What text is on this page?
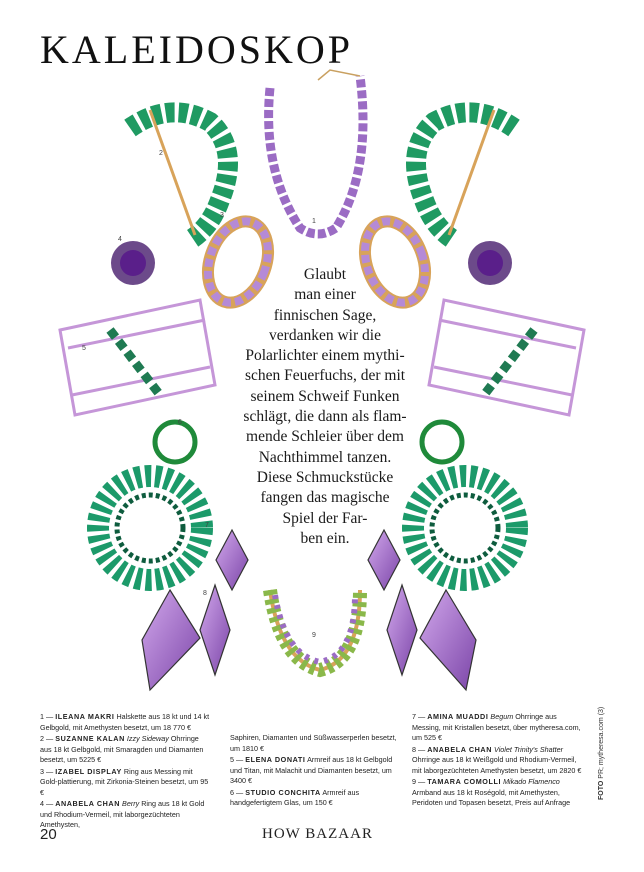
KALEIDOSKOP
1
2
3
4
5
6
7
8
9
Glaubt
man einer
finnischen Sage,
verdanken wir die
Polarlichter einem mythi-
schen Feuerfuchs, der mit
seinem Schweif Funken
schlägt, die dann als flam-
mende Schleier über dem
Nachthimmel tanzen.
Diese Schmuckstücke
fangen das magische
Spiel der Far-
ben ein.

1 — ILEANA MAKRI Halskette aus 18 kt und 14 kt Gelbgold, mit Amethysten besetzt, um 18 770 €

2 — SUZANNE KALAN Izzy Sideway Ohrringe aus 18 kt Gelbgold, mit Smaragden und Diamanten besetzt, um 5225 €

3 — IZABEL DISPLAY Ring aus Messing mit Gold-plattierung, mit Zirkonia-Steinen besetzt, um 95 €

4 — ANABELA CHAN Berry Ring aus 18 kt Gold und Rhodium-Vermeil, mit laborgezüchteten Amethysten,

Saphiren, Diamanten und Süßwasserperlen besetzt, um 1810 €

5 — ELENA DONATI Armreif aus 18 kt Gelbgold und Titan, mit Malachit und Diamanten besetzt, um 3400 €

6 — STUDIO CONCHITA Armreif aus handgefertigtem Glas, um 150 €

7 — AMINA MUADDI Begum Ohrringe aus Messing, mit Kristallen besetzt, über mytheresa.com, um 525 €

8 — ANABELA CHAN Violet Trinity's Shatter Ohrringe aus 18 kt Weißgold und Rhodium-Vermeil, mit laborgezüchteten Amethysten besetzt, um 2820 €

9 — TAMARA COMOLLI Mikado Flamenco Armband aus 18 kt Roségold, mit Amethysten, Peridoten und Topasen besetzt, Preis auf Anfrage

FOTO PR; mytheresa.com (3)
20	HOW BAZAAR
